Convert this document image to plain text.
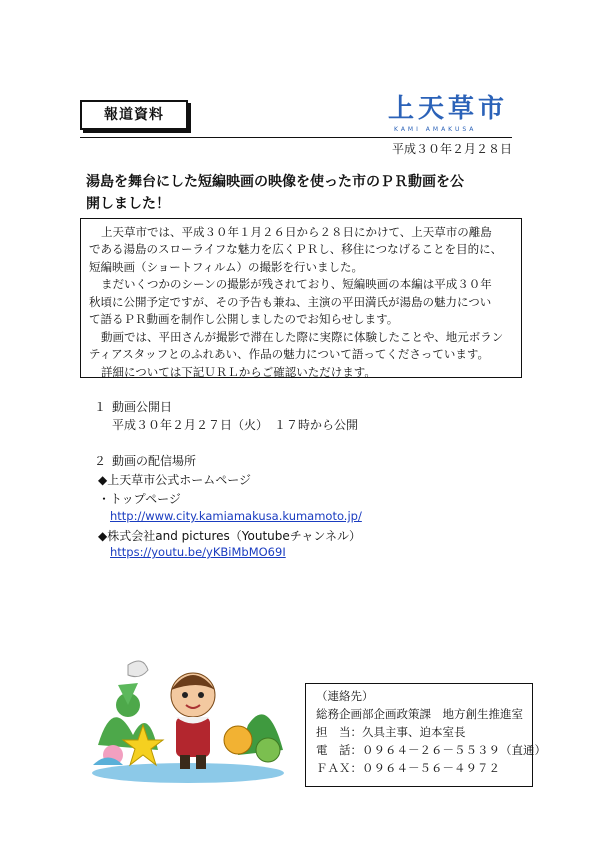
報道資料	上天草市
KAMI AMAKUSA
平成３０年２月２８日
湯島を舞台にした短編映画の映像を使った市のＰＲ動画を公
開しました！

上天草市では、平成３０年１月２６日から２８日にかけて、上天草市の離島

である湯島のスローライフな魅力を広くＰＲし、移住につなげることを目的に、

短編映画（ショートフィルム）の撮影を行いました。

まだいくつかのシーンの撮影が残されており、短編映画の本編は平成３０年

秋頃に公開予定ですが、その予告も兼ね、主演の平田満氏が湯島の魅力につい

て語るＰＲ動画を制作し公開しましたのでお知らせします。

動画では、平田さんが撮影で滞在した際に実際に体験したことや、地元ボラン

ティアスタッフとのふれあい、作品の魅力について語ってくださっています。

詳細については下記ＵＲＬからご確認いただけます。

１ 動画公開日
平成３０年２月２７日（火）　１７時から公開
２ 動画の配信場所
◆上天草市公式ホームページ
・トップページ
http://www.city.kamiamakusa.kumamoto.jp/
◆株式会社and pictures（Youtubeチャンネル）
https://youtu.be/yKBiMbMO69I
（連絡先）
総務企画部企画政策課　地方創生推進室
担　当：久具主事、迫本室長
電　話：０９６４－２６－５５３９（直通）
ＦＡＸ：０９６４－５６－４９７２
